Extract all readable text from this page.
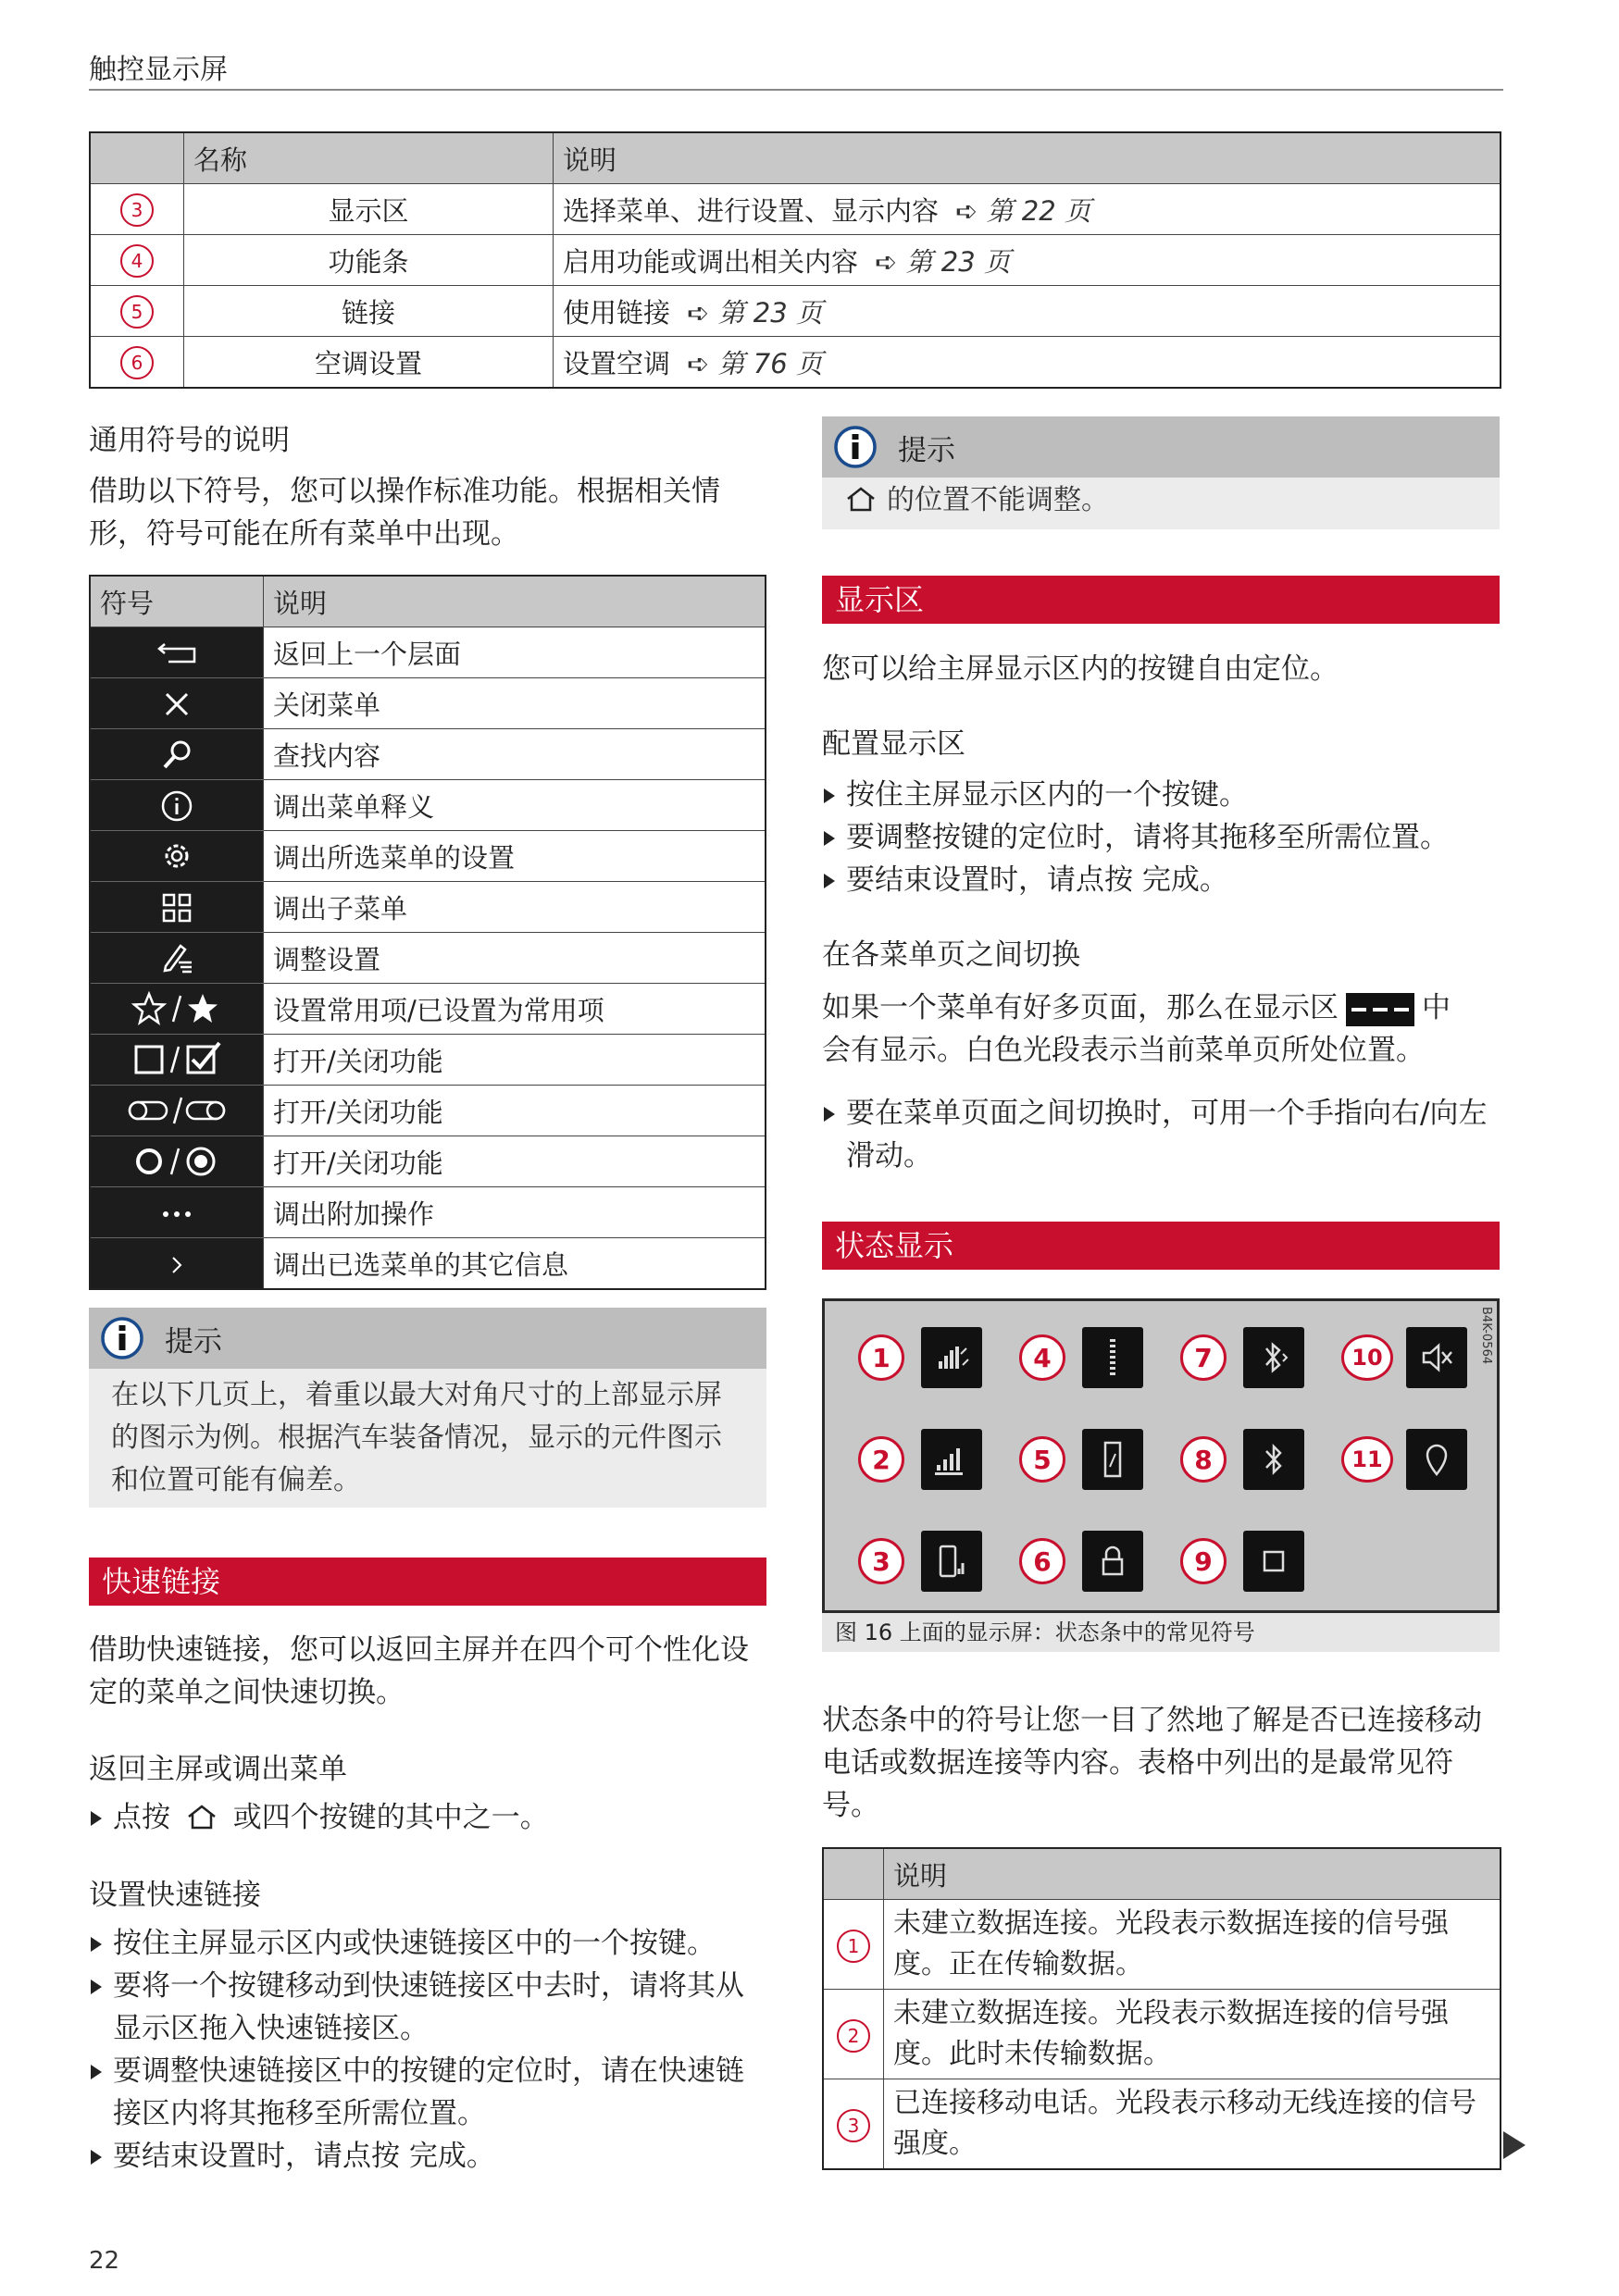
触控显示屏
	名称	说明
3	显示区	选择菜单、进行设置、显示内容 ➪ 第 22 页
4	功能条	启用功能或调出相关内容 ➪ 第 23 页
5	链接	使用链接 ➪ 第 23 页
6	空调设置	设置空调 ➪ 第 76 页
通用符号的说明
借助以下符号，您可以操作标准功能。根据相关情形，符号可能在所有菜单中出现。
符号	说明
	返回上一个层面
	关闭菜单
	查找内容
	调出菜单释义
	调出所选菜单的设置
	调出子菜单
	调整设置
	设置常用项/已设置为常用项
	打开/关闭功能
	打开/关闭功能
	打开/关闭功能
	调出附加操作
	调出已选菜单的其它信息
提示
在以下几页上，着重以最大对角尺寸的上部显示屏的图示为例。根据汽车装备情况，显示的元件图示和位置可能有偏差。
快速链接
借助快速链接，您可以返回主屏并在四个可个性化设定的菜单之间快速切换。
返回主屏或调出菜单
点按 或四个按键的其中之一。
设置快速链接
按住主屏显示区内或快速链接区中的一个按键。
要将一个按键移动到快速链接区中去时，请将其从显示区拖入快速链接区。
要调整快速链接区中的按键的定位时，请在快速链接区内将其拖移至所需位置。
要结束设置时，请点按 完成。
提示
的位置不能调整。
显示区
您可以给主屏显示区内的按键自由定位。
配置显示区
按住主屏显示区内的一个按键。
要调整按键的定位时，请将其拖移至所需位置。
要结束设置时，请点按 完成。
在各菜单页之间切换
如果一个菜单有好多页面，那么在显示区	中
会有显示。白色光段表示当前菜单页所处位置。
要在菜单页面之间切换时，可用一个手指向右/向左滑动。
状态显示
B4K-0564
1	4	7	10
2	5	8	11
3	6	9
图 16 上面的显示屏：状态条中的常见符号
状态条中的符号让您一目了然地了解是否已连接移动电话或数据连接等内容。表格中列出的是最常见符号。
	说明
1	未建立数据连接。光段表示数据连接的信号强度。正在传输数据。
2	未建立数据连接。光段表示数据连接的信号强度。此时未传输数据。
3	已连接移动电话。光段表示移动无线连接的信号强度。
22
